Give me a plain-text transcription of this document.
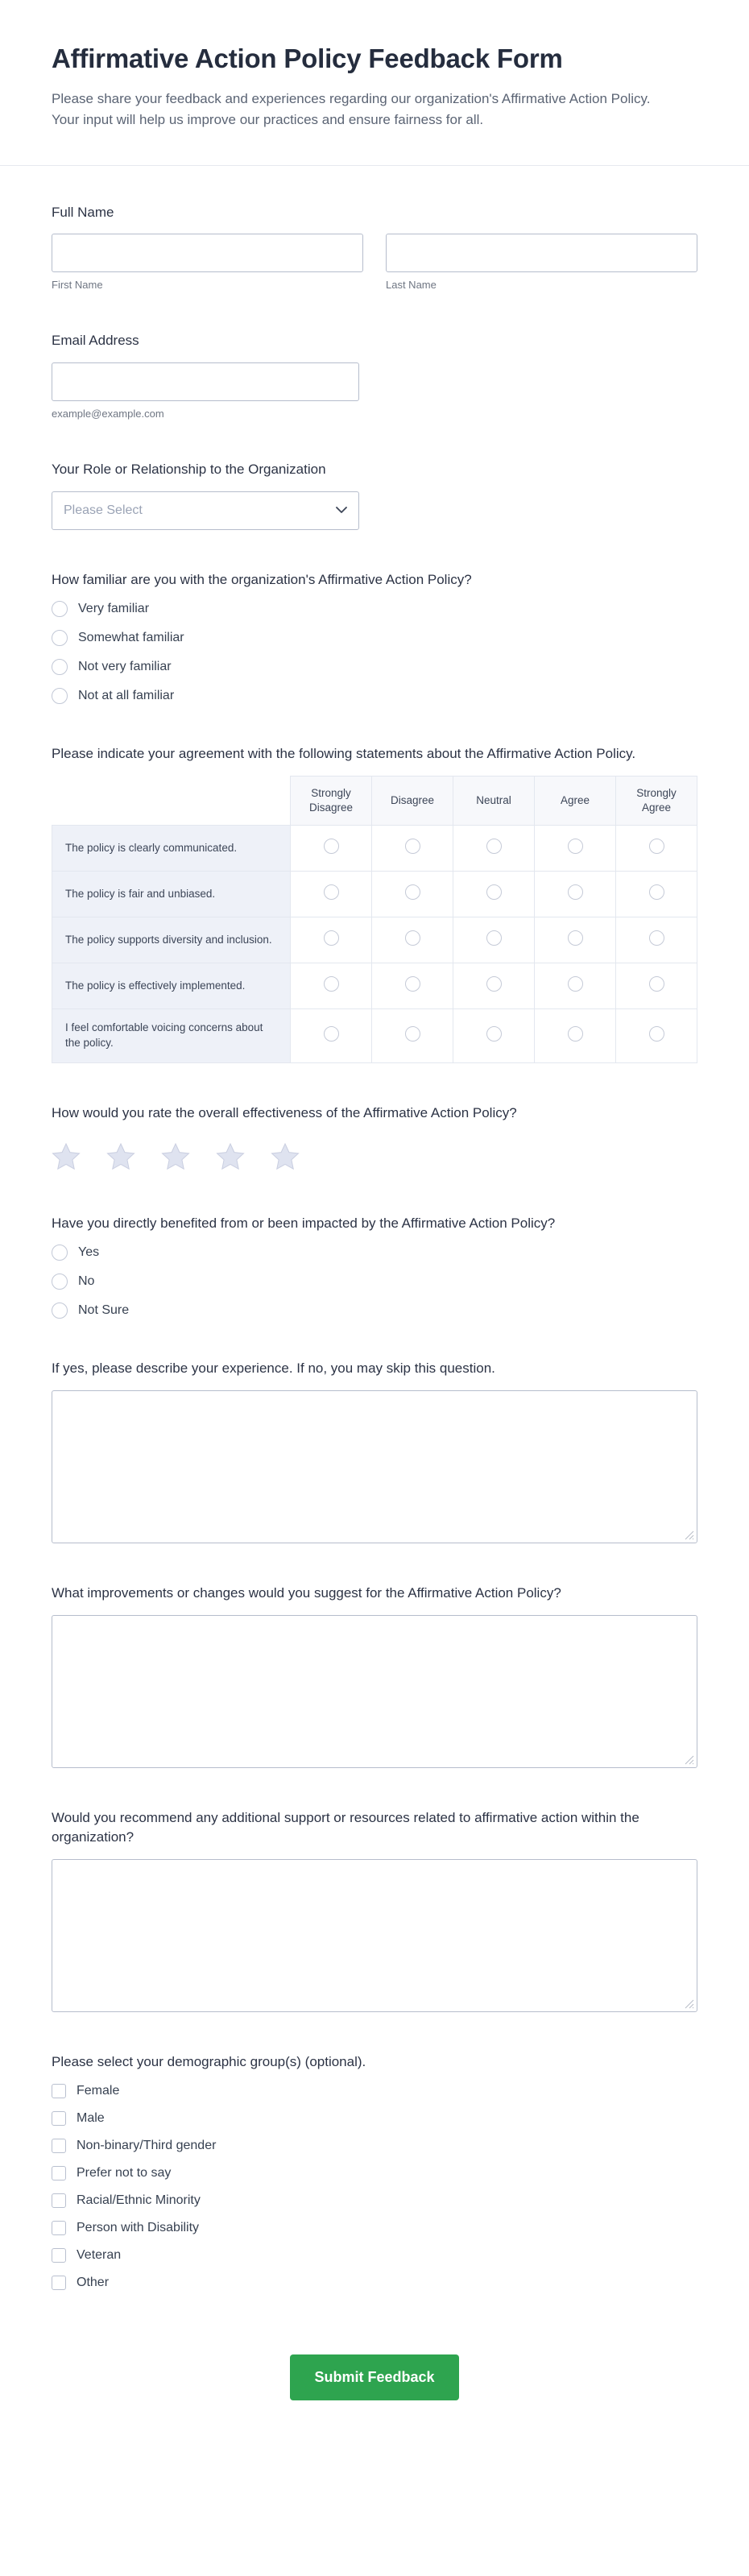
Affirmative Action Policy Feedback Form

Please share your feedback and experiences regarding our organization's Affirmative Action Policy. Your input will help us improve our practices and ensure fairness for all.

Full Name
First Name	Last Name
Email Address
example@example.com
Your Role or Relationship to the Organization
Please Select
How familiar are you with the organization's Affirmative Action Policy?
Very familiar
Somewhat familiar
Not very familiar
Not at all familiar
Please indicate your agreement with the following statements about the Affirmative Action Policy.
	Strongly Disagree	Disagree	Neutral	Agree	Strongly Agree
The policy is clearly communicated.					
The policy is fair and unbiased.					
The policy supports diversity and inclusion.					
The policy is effectively implemented.					
I feel comfortable voicing concerns about the policy.					
How would you rate the overall effectiveness of the Affirmative Action Policy?
Have you directly benefited from or been impacted by the Affirmative Action Policy?
Yes
No
Not Sure
If yes, please describe your experience. If no, you may skip this question.
What improvements or changes would you suggest for the Affirmative Action Policy?
Would you recommend any additional support or resources related to affirmative action within the organization?
Please select your demographic group(s) (optional).
Female
Male
Non-binary/Third gender
Prefer not to say
Racial/Ethnic Minority
Person with Disability
Veteran
Other
Submit Feedback
